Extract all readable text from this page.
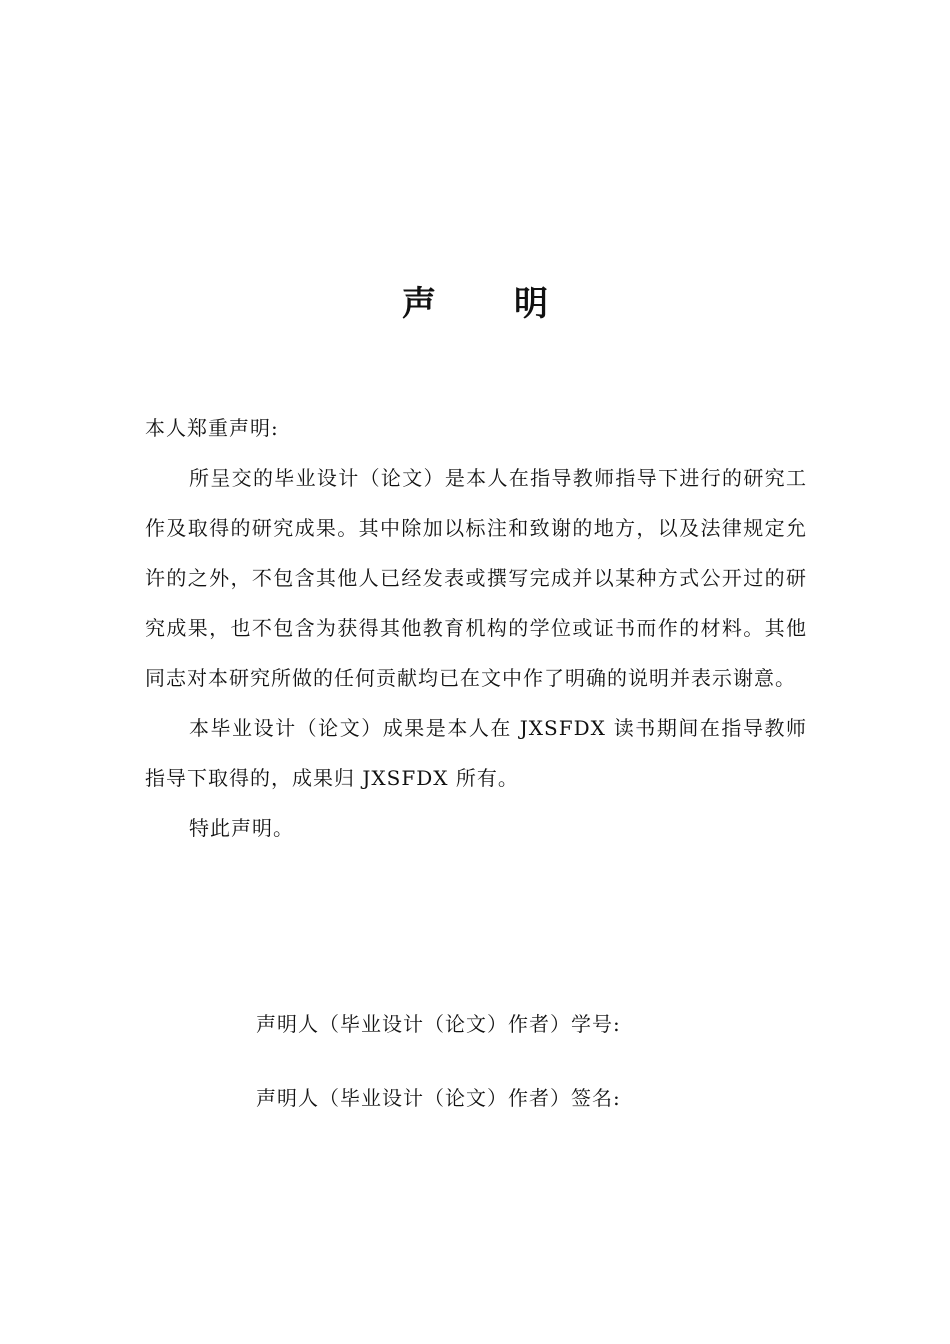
声明

本人郑重声明:

所呈交的毕业设计（论文）是本人在指导教师指导下进行的研究工作及取得的研究成果。其中除加以标注和致谢的地方，以及法律规定允许的之外，不包含其他人已经发表或撰写完成并以某种方式公开过的研究成果，也不包含为获得其他教育机构的学位或证书而作的材料。其他同志对本研究所做的任何贡献均已在文中作了明确的说明并表示谢意。

本毕业设计（论文）成果是本人在 JXSFDX 读书期间在指导教师指导下取得的，成果归 JXSFDX 所有。

特此声明。

声明人（毕业设计（论文）作者）学号:
声明人（毕业设计（论文）作者）签名:
